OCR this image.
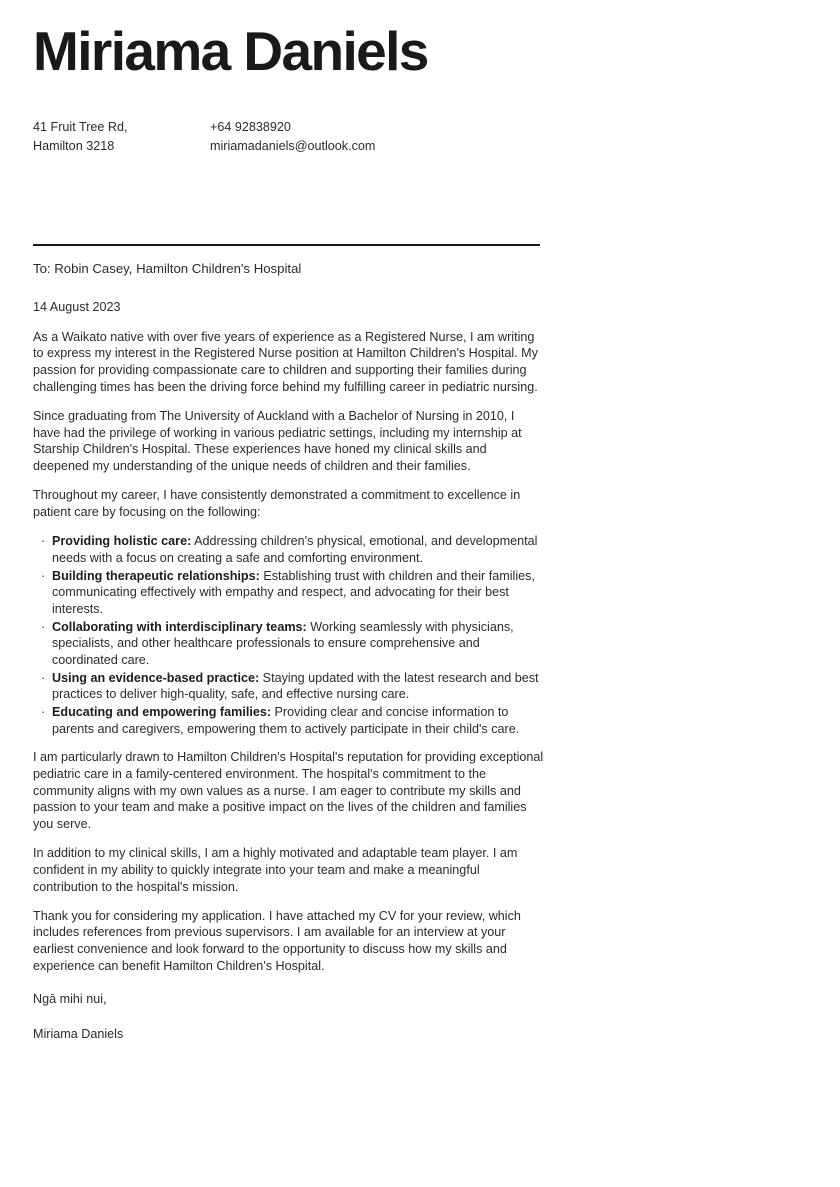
Miriama Daniels
41 Fruit Tree Rd,
Hamilton 3218
+64 92838920
miriamadaniels@outlook.com
To: Robin Casey, Hamilton Children's Hospital
14 August 2023

As a Waikato native with over five years of experience as a Registered Nurse, I am writing to express my interest in the Registered Nurse position at Hamilton Children's Hospital. My passion for providing compassionate care to children and supporting their families during challenging times has been the driving force behind my fulfilling career in pediatric nursing.

Since graduating from The University of Auckland with a Bachelor of Nursing in 2010, I have had the privilege of working in various pediatric settings, including my internship at Starship Children's Hospital. These experiences have honed my clinical skills and deepened my understanding of the unique needs of children and their families.

Throughout my career, I have consistently demonstrated a commitment to excellence in patient care by focusing on the following:

· Providing holistic care: Addressing children's physical, emotional, and developmental needs with a focus on creating a safe and comforting environment.
· Building therapeutic relationships: Establishing trust with children and their families, communicating effectively with empathy and respect, and advocating for their best interests.
· Collaborating with interdisciplinary teams: Working seamlessly with physicians, specialists, and other healthcare professionals to ensure comprehensive and coordinated care.
· Using an evidence-based practice: Staying updated with the latest research and best practices to deliver high-quality, safe, and effective nursing care.
· Educating and empowering families: Providing clear and concise information to parents and caregivers, empowering them to actively participate in their child's care.

I am particularly drawn to Hamilton Children's Hospital's reputation for providing exceptional pediatric care in a family-centered environment. The hospital's commitment to the community aligns with my own values as a nurse. I am eager to contribute my skills and passion to your team and make a positive impact on the lives of the children and families you serve.

In addition to my clinical skills, I am a highly motivated and adaptable team player. I am confident in my ability to quickly integrate into your team and make a meaningful contribution to the hospital's mission.

Thank you for considering my application. I have attached my CV for your review, which includes references from previous supervisors. I am available for an interview at your earliest convenience and look forward to the opportunity to discuss how my skills and experience can benefit Hamilton Children's Hospital.

Ngā mihi nui,
Miriama Daniels
